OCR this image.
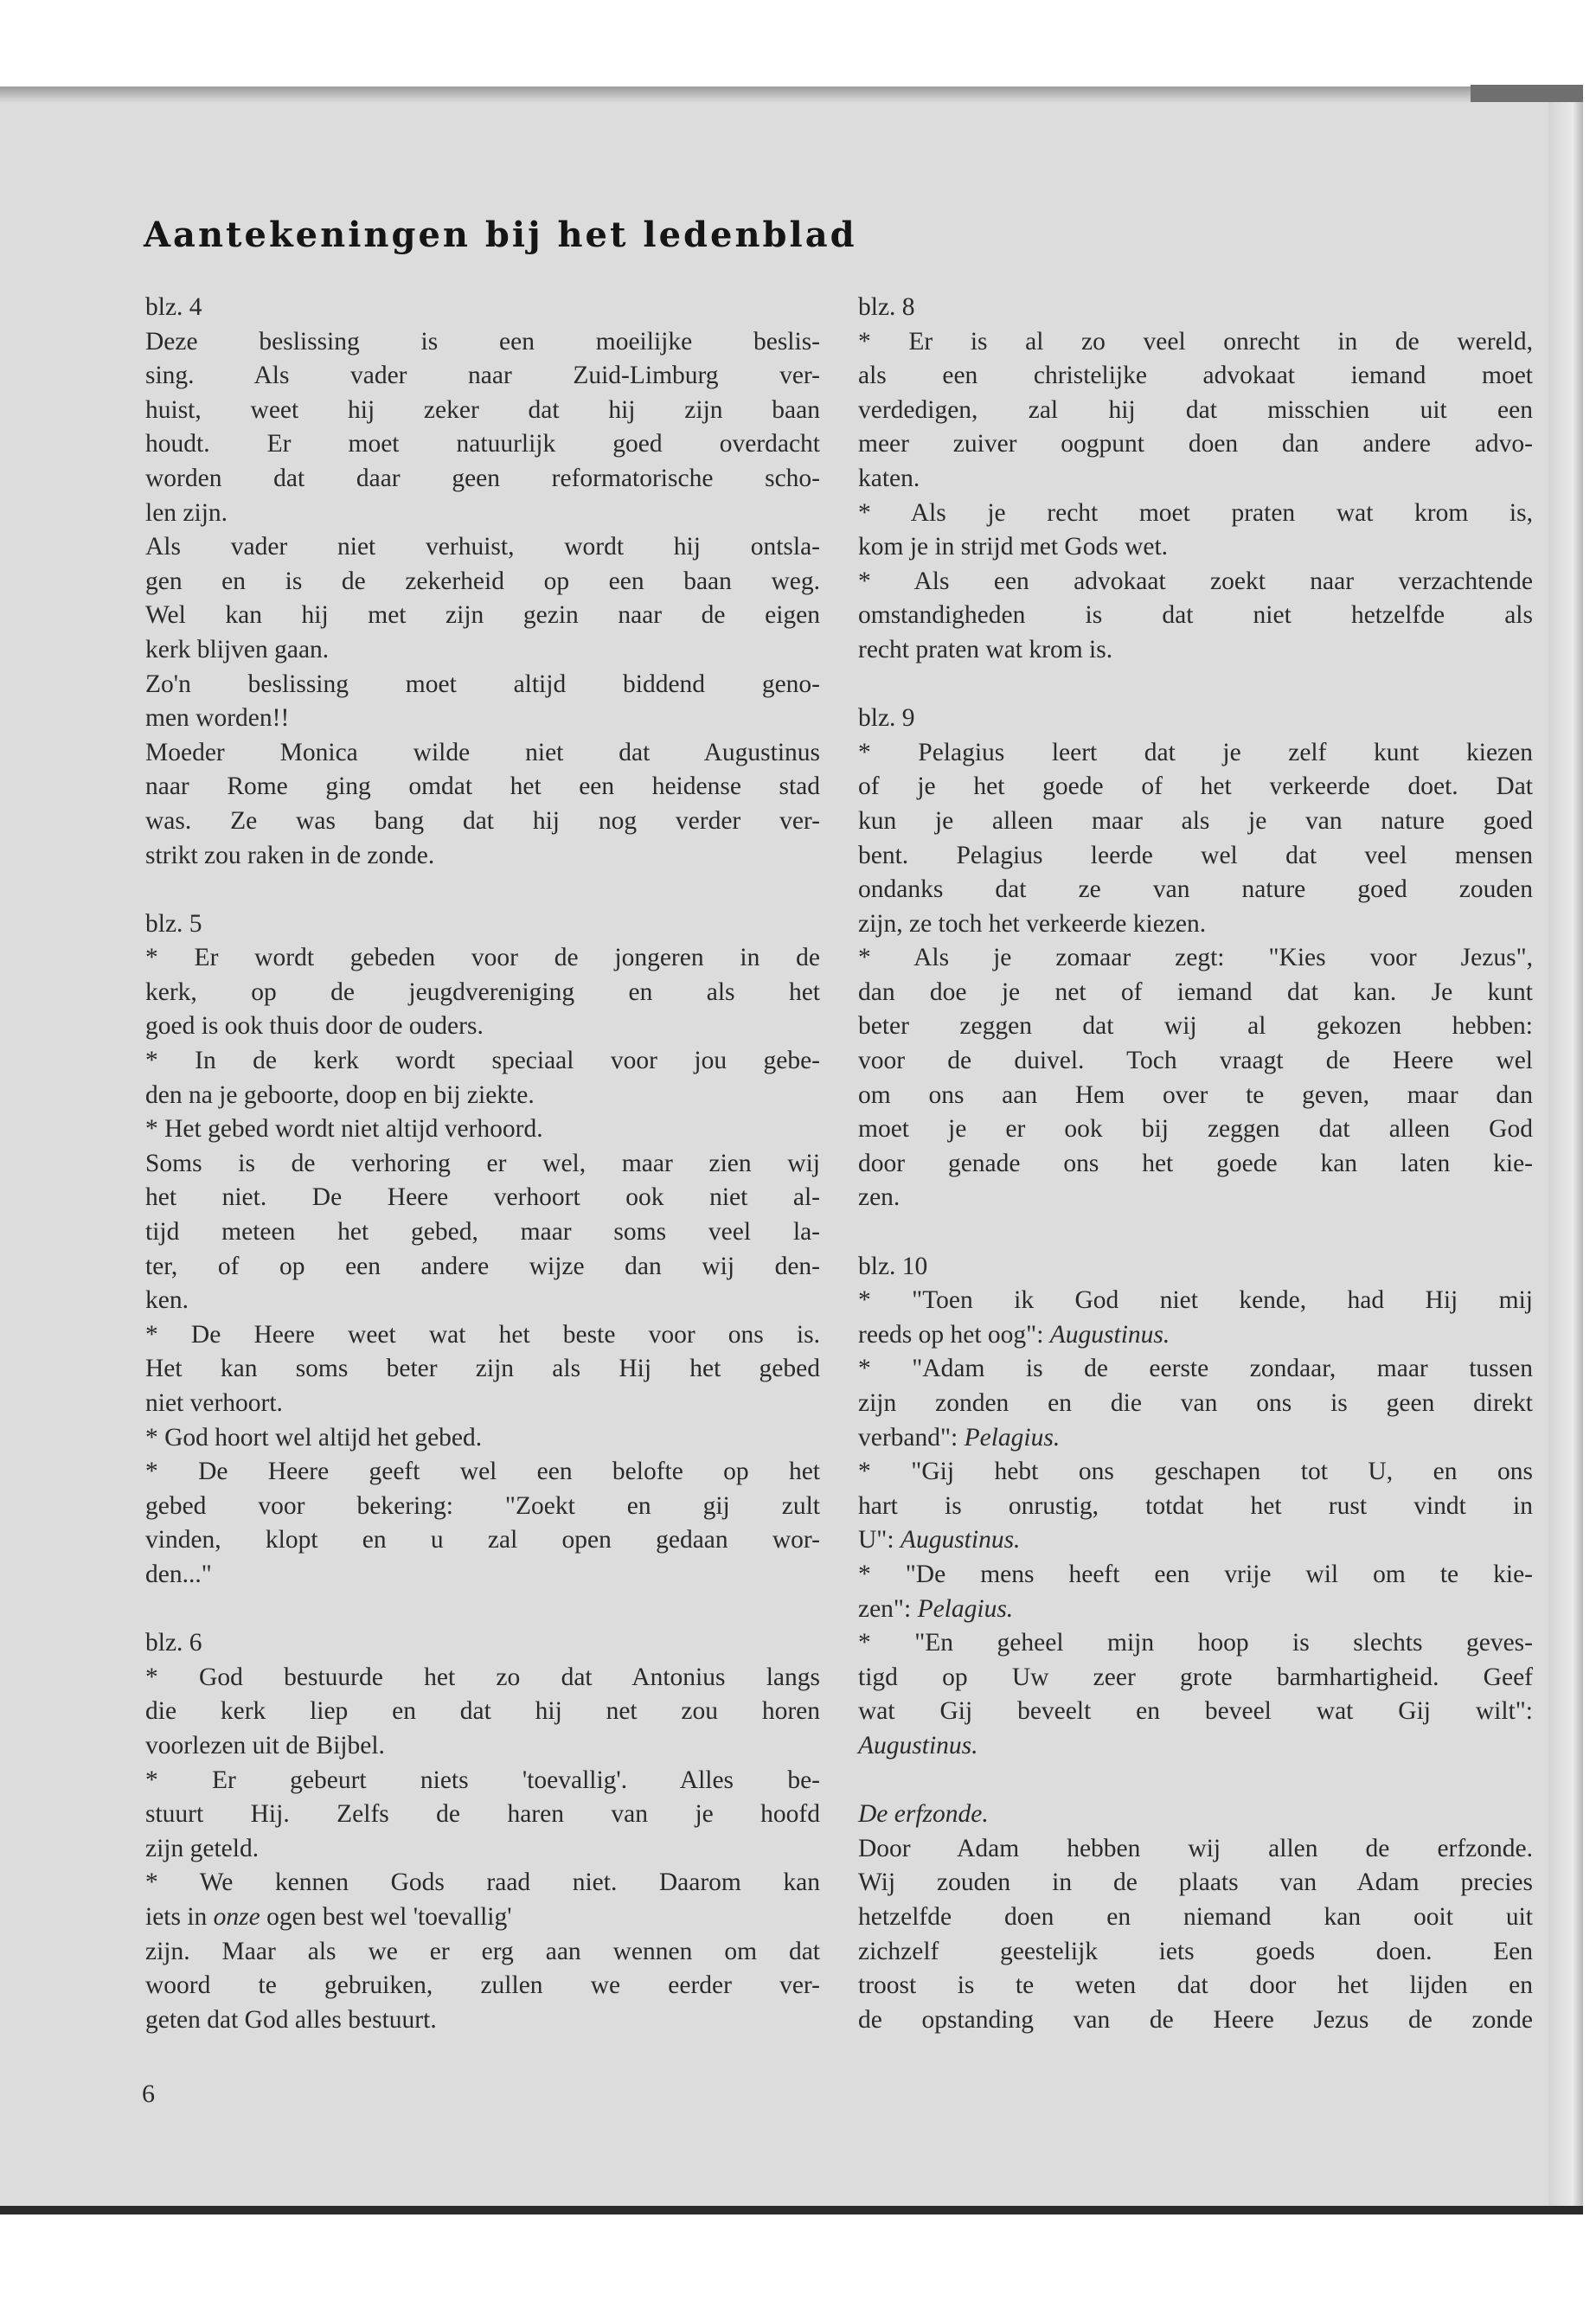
Aantekeningen bij het ledenblad
blz. 4
Deze beslissing is een moeilijke beslis-
sing. Als vader naar Zuid-Limburg ver-
huist, weet hij zeker dat hij zijn baan
houdt. Er moet natuurlijk goed overdacht
worden dat daar geen reformatorische scho-
len zijn.
Als vader niet verhuist, wordt hij ontsla-
gen en is de zekerheid op een baan weg.
Wel kan hij met zijn gezin naar de eigen
kerk blijven gaan.
Zo'n beslissing moet altijd biddend geno-
men worden!!
Moeder Monica wilde niet dat Augustinus
naar Rome ging omdat het een heidense stad
was. Ze was bang dat hij nog verder ver-
strikt zou raken in de zonde.
blz. 5
* Er wordt gebeden voor de jongeren in de
kerk, op de jeugdvereniging en als het
goed is ook thuis door de ouders.
* In de kerk wordt speciaal voor jou gebe-
den na je geboorte, doop en bij ziekte.
* Het gebed wordt niet altijd verhoord.
Soms is de verhoring er wel, maar zien wij
het niet. De Heere verhoort ook niet al-
tijd meteen het gebed, maar soms veel la-
ter, of op een andere wijze dan wij den-
ken.
* De Heere weet wat het beste voor ons is.
Het kan soms beter zijn als Hij het gebed
niet verhoort.
* God hoort wel altijd het gebed.
* De Heere geeft wel een belofte op het
gebed voor bekering: "Zoekt en gij zult
vinden, klopt en u zal open gedaan wor-
den..."
blz. 6
* God bestuurde het zo dat Antonius langs
die kerk liep en dat hij net zou horen
voorlezen uit de Bijbel.
* Er gebeurt niets 'toevallig'. Alles be-
stuurt Hij. Zelfs de haren van je hoofd
zijn geteld.
* We kennen Gods raad niet. Daarom kan
iets in onze ogen best wel 'toevallig'
zijn. Maar als we er erg aan wennen om dat
woord te gebruiken, zullen we eerder ver-
geten dat God alles bestuurt.
blz. 8
* Er is al zo veel onrecht in de wereld,
als een christelijke advokaat iemand moet
verdedigen, zal hij dat misschien uit een
meer zuiver oogpunt doen dan andere advo-
katen.
* Als je recht moet praten wat krom is,
kom je in strijd met Gods wet.
* Als een advokaat zoekt naar verzachtende
omstandigheden is dat niet hetzelfde als
recht praten wat krom is.
blz. 9
* Pelagius leert dat je zelf kunt kiezen
of je het goede of het verkeerde doet. Dat
kun je alleen maar als je van nature goed
bent. Pelagius leerde wel dat veel mensen
ondanks dat ze van nature goed zouden
zijn, ze toch het verkeerde kiezen.
* Als je zomaar zegt: "Kies voor Jezus",
dan doe je net of iemand dat kan. Je kunt
beter zeggen dat wij al gekozen hebben:
voor de duivel. Toch vraagt de Heere wel
om ons aan Hem over te geven, maar dan
moet je er ook bij zeggen dat alleen God
door genade ons het goede kan laten kie-
zen.
blz. 10
* "Toen ik God niet kende, had Hij mij
reeds op het oog": Augustinus.
* "Adam is de eerste zondaar, maar tussen
zijn zonden en die van ons is geen direkt
verband": Pelagius.
* "Gij hebt ons geschapen tot U, en ons
hart is onrustig, totdat het rust vindt in
U": Augustinus.
* "De mens heeft een vrije wil om te kie-
zen": Pelagius.
* "En geheel mijn hoop is slechts geves-
tigd op Uw zeer grote barmhartigheid. Geef
wat Gij beveelt en beveel wat Gij wilt":
Augustinus.
De erfzonde.
Door Adam hebben wij allen de erfzonde.
Wij zouden in de plaats van Adam precies
hetzelfde doen en niemand kan ooit uit
zichzelf geestelijk iets goeds doen. Een
troost is te weten dat door het lijden en
de opstanding van de Heere Jezus de zonde
6
